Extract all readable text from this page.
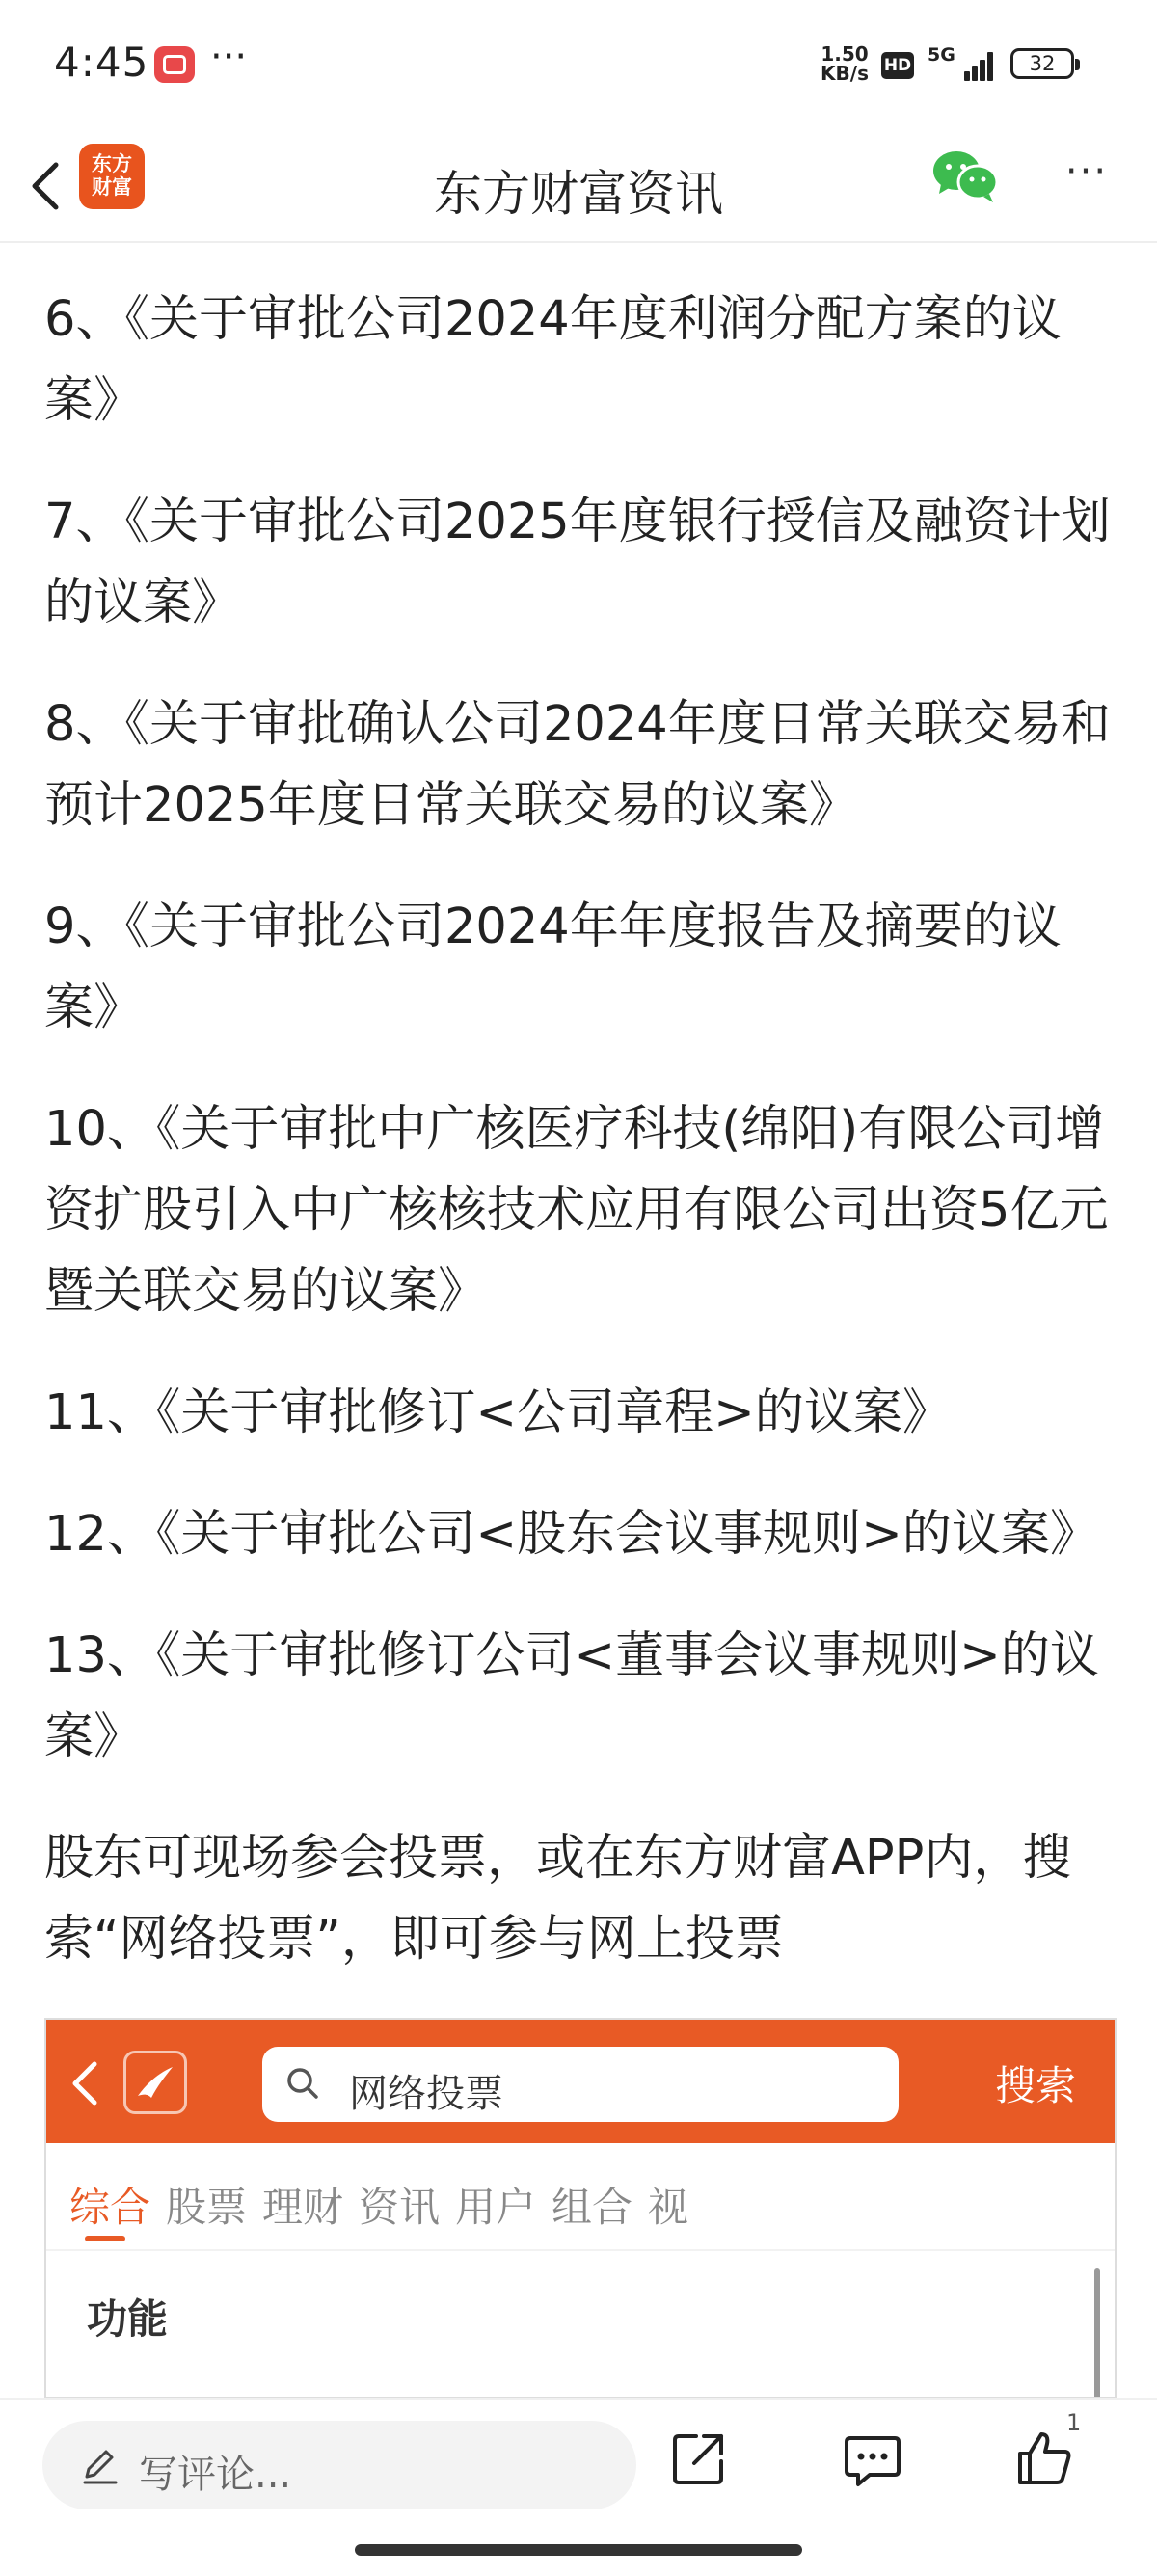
4:45 ···	1.50
KB/s HD 5G	32
东方
财富	东方财富资讯	···

6、《关于审批公司2024年度利润分配方案的议案》

7、《关于审批公司2025年度银行授信及融资计划的议案》

8、《关于审批确认公司2024年度日常关联交易和预计2025年度日常关联交易的议案》

9、《关于审批公司2024年年度报告及摘要的议案》

10、《关于审批中广核医疗科技(绵阳)有限公司增资扩股引入中广核核技术应用有限公司出资5亿元暨关联交易的议案》

11、《关于审批修订<公司章程>的议案》

12、《关于审批公司<股东会议事规则>的议案》

13、《关于审批修订公司<董事会议事规则>的议案》

股东可现场参会投票，或在东方财富APP内，搜索“网络投票”，即可参与网上投票

网络投票	搜索
综合 股票 理财 资讯 用户 组合 视
功能
写评论...
1
